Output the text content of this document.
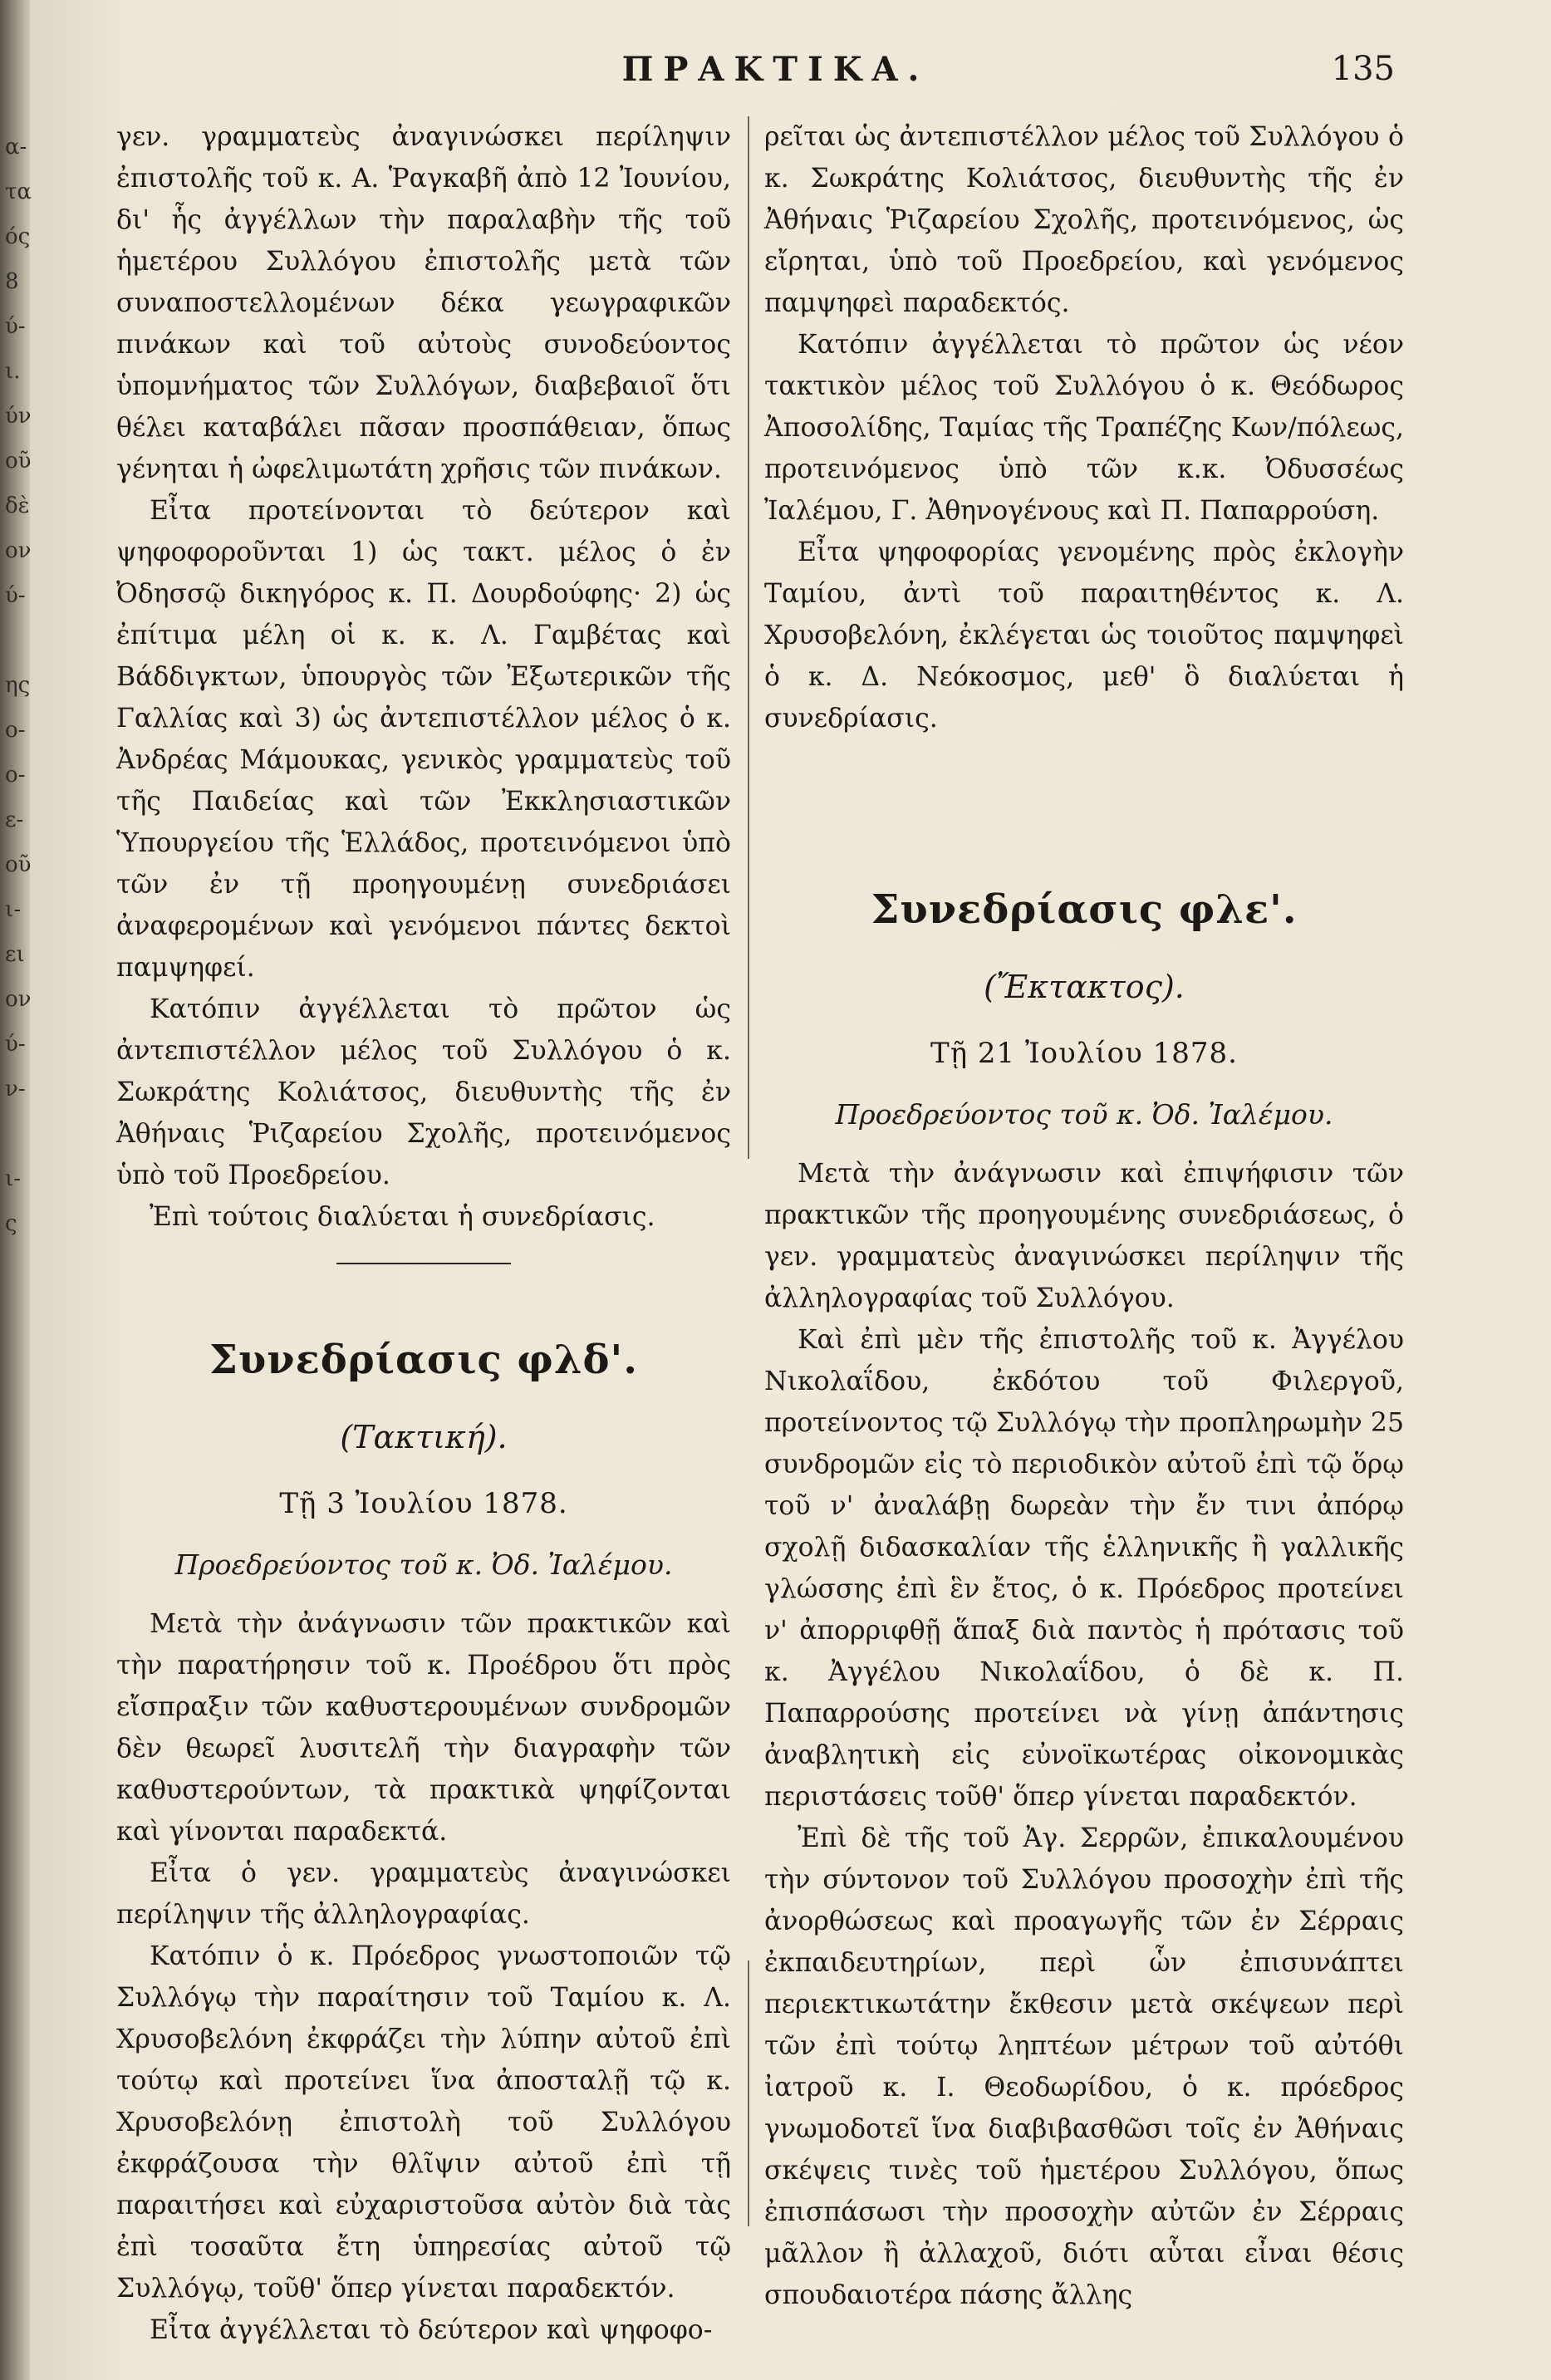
α-
τα
ός
8
ύ-
ι.
ύν
οῦ
δὲ
ον
ύ-
ης
ο-
ο-
ε-
οῦ
ι-
ει
ον
ύ-
ν-
ι-
ς
ΠΡΑΚΤΙΚΑ.	135

γεν. γραμματεὺς ἀναγινώσκει περίληψιν ἐπιστολῆς τοῦ κ. Α. Ῥαγκαβῆ ἀπὸ 12 Ἰουνίου, δι' ἧς ἀγγέλλων τὴν παραλαβὴν τῆς τοῦ ἡμετέρου Συλλόγου ἐπιστολῆς μετὰ τῶν συναποστελλομένων δέκα γεωγραφικῶν πινάκων καὶ τοῦ αὐτοὺς συνοδεύοντος ὑπομνήματος τῶν Συλλόγων, διαβεβαιοῖ ὅτι θέλει καταβάλει πᾶσαν προσπάθειαν, ὅπως γένηται ἡ ὠφελιμωτάτη χρῆσις τῶν πινάκων.

Εἶτα προτείνονται τὸ δεύτερον καὶ ψηφοφοροῦνται 1) ὡς τακτ. μέλος ὁ ἐν Ὀδησσῷ δικηγόρος κ. Π. Δουρδούφης· 2) ὡς ἐπίτιμα μέλη οἱ κ. κ. Λ. Γαμβέτας καὶ Βάδδιγκτων, ὑπουργὸς τῶν Ἐξωτερικῶν τῆς Γαλλίας καὶ 3) ὡς ἀντεπιστέλλον μέλος ὁ κ. Ἀνδρέας Μάμουκας, γενικὸς γραμματεὺς τοῦ τῆς Παιδείας καὶ τῶν Ἐκκλησιαστικῶν Ὑπουργείου τῆς Ἑλλάδος, προτεινόμενοι ὑπὸ τῶν ἐν τῇ προηγουμένῃ συνεδριάσει ἀναφερομένων καὶ γενόμενοι πάντες δεκτοὶ παμψηφεί.

Κατόπιν ἀγγέλλεται τὸ πρῶτον ὡς ἀντεπιστέλλον μέλος τοῦ Συλλόγου ὁ κ. Σωκράτης Κολιάτσος, διευθυντὴς τῆς ἐν Ἀθήναις Ῥιζαρείου Σχολῆς, προτεινόμενος ὑπὸ τοῦ Προεδρείου.

Ἐπὶ τούτοις διαλύεται ἡ συνεδρίασις.

Συνεδρίασις φλδ'.
(Τακτική).
Τῇ 3 Ἰουλίου 1878.
Προεδρεύοντος τοῦ κ. Ὀδ. Ἰαλέμου.

Μετὰ τὴν ἀνάγνωσιν τῶν πρακτικῶν καὶ τὴν παρατήρησιν τοῦ κ. Προέδρου ὅτι πρὸς εἴσπραξιν τῶν καθυστερουμένων συνδρομῶν δὲν θεωρεῖ λυσιτελῆ τὴν διαγραφὴν τῶν καθυστερούντων, τὰ πρακτικὰ ψηφίζονται καὶ γίνονται παραδεκτά.

Εἶτα ὁ γεν. γραμματεὺς ἀναγινώσκει περίληψιν τῆς ἀλληλογραφίας.

Κατόπιν ὁ κ. Πρόεδρος γνωστοποιῶν τῷ Συλλόγῳ τὴν παραίτησιν τοῦ Ταμίου κ. Λ. Χρυσοβελόνη ἐκφράζει τὴν λύπην αὐτοῦ ἐπὶ τούτῳ καὶ προτείνει ἵνα ἀποσταλῇ τῷ κ. Χρυσοβελόνῃ ἐπιστολὴ τοῦ Συλλόγου ἐκφράζουσα τὴν θλῖψιν αὐτοῦ ἐπὶ τῇ παραιτήσει καὶ εὐχαριστοῦσα αὐτὸν διὰ τὰς ἐπὶ τοσαῦτα ἔτη ὑπηρεσίας αὐτοῦ τῷ Συλλόγῳ, τοῦθ' ὅπερ γίνεται παραδεκτόν.

Εἶτα ἀγγέλλεται τὸ δεύτερον καὶ ψηφοφο-

ρεῖται ὡς ἀντεπιστέλλον μέλος τοῦ Συλλόγου ὁ κ. Σωκράτης Κολιάτσος, διευθυντὴς τῆς ἐν Ἀθήναις Ῥιζαρείου Σχολῆς, προτεινόμενος, ὡς εἴρηται, ὑπὸ τοῦ Προεδρείου, καὶ γενόμενος παμψηφεὶ παραδεκτός.

Κατόπιν ἀγγέλλεται τὸ πρῶτον ὡς νέον τακτικὸν μέλος τοῦ Συλλόγου ὁ κ. Θεόδωρος Ἀποσολίδης, Ταμίας τῆς Τραπέζης Κων/πόλεως, προτεινόμενος ὑπὸ τῶν κ.κ. Ὀδυσσέως Ἰαλέμου, Γ. Ἀθηνογένους καὶ Π. Παπαρρούση.

Εἶτα ψηφοφορίας γενομένης πρὸς ἐκλογὴν Ταμίου, ἀντὶ τοῦ παραιτηθέντος κ. Λ. Χρυσοβελόνη, ἐκλέγεται ὡς τοιοῦτος παμψηφεὶ ὁ κ. Δ. Νεόκοσμος, μεθ' ὃ διαλύεται ἡ συνεδρίασις.

Συνεδρίασις φλε'.
(Ἔκτακτος).
Τῇ 21 Ἰουλίου 1878.
Προεδρεύοντος τοῦ κ. Ὀδ. Ἰαλέμου.

Μετὰ τὴν ἀνάγνωσιν καὶ ἐπιψήφισιν τῶν πρακτικῶν τῆς προηγουμένης συνεδριάσεως, ὁ γεν. γραμματεὺς ἀναγινώσκει περίληψιν τῆς ἀλληλογραφίας τοῦ Συλλόγου.

Καὶ ἐπὶ μὲν τῆς ἐπιστολῆς τοῦ κ. Ἀγγέλου Νικολαΐδου, ἐκδότου τοῦ Φιλεργοῦ, προτείνοντος τῷ Συλλόγῳ τὴν προπληρωμὴν 25 συνδρομῶν εἰς τὸ περιοδικὸν αὐτοῦ ἐπὶ τῷ ὅρῳ τοῦ ν' ἀναλάβῃ δωρεὰν τὴν ἔν τινι ἀπόρῳ σχολῇ διδασκαλίαν τῆς ἑλληνικῆς ἢ γαλλικῆς γλώσσης ἐπὶ ἓν ἔτος, ὁ κ. Πρόεδρος προτείνει ν' ἀπορριφθῇ ἅπαξ διὰ παντὸς ἡ πρότασις τοῦ κ. Ἀγγέλου Νικολαΐδου, ὁ δὲ κ. Π. Παπαρρούσης προτείνει νὰ γίνῃ ἀπάντησις ἀναβλητικὴ εἰς εὐνοϊκωτέρας οἰκονομικὰς περιστάσεις τοῦθ' ὅπερ γίνεται παραδεκτόν.

Ἐπὶ δὲ τῆς τοῦ Ἀγ. Σερρῶν, ἐπικαλουμένου τὴν σύντονον τοῦ Συλλόγου προσοχὴν ἐπὶ τῆς ἀνορθώσεως καὶ προαγωγῆς τῶν ἐν Σέρραις ἐκπαιδευτηρίων, περὶ ὧν ἐπισυνάπτει περιεκτικωτάτην ἔκθεσιν μετὰ σκέψεων περὶ τῶν ἐπὶ τούτῳ ληπτέων μέτρων τοῦ αὐτόθι ἰατροῦ κ. Ι. Θεοδωρίδου, ὁ κ. πρόεδρος γνωμοδοτεῖ ἵνα διαβιβασθῶσι τοῖς ἐν Ἀθήναις σκέψεις τινὲς τοῦ ἡμετέρου Συλλόγου, ὅπως ἐπισπάσωσι τὴν προσοχὴν αὐτῶν ἐν Σέρραις μᾶλλον ἢ ἀλλαχοῦ, διότι αὗται εἶναι θέσις σπουδαιοτέρα πάσης ἄλλης
